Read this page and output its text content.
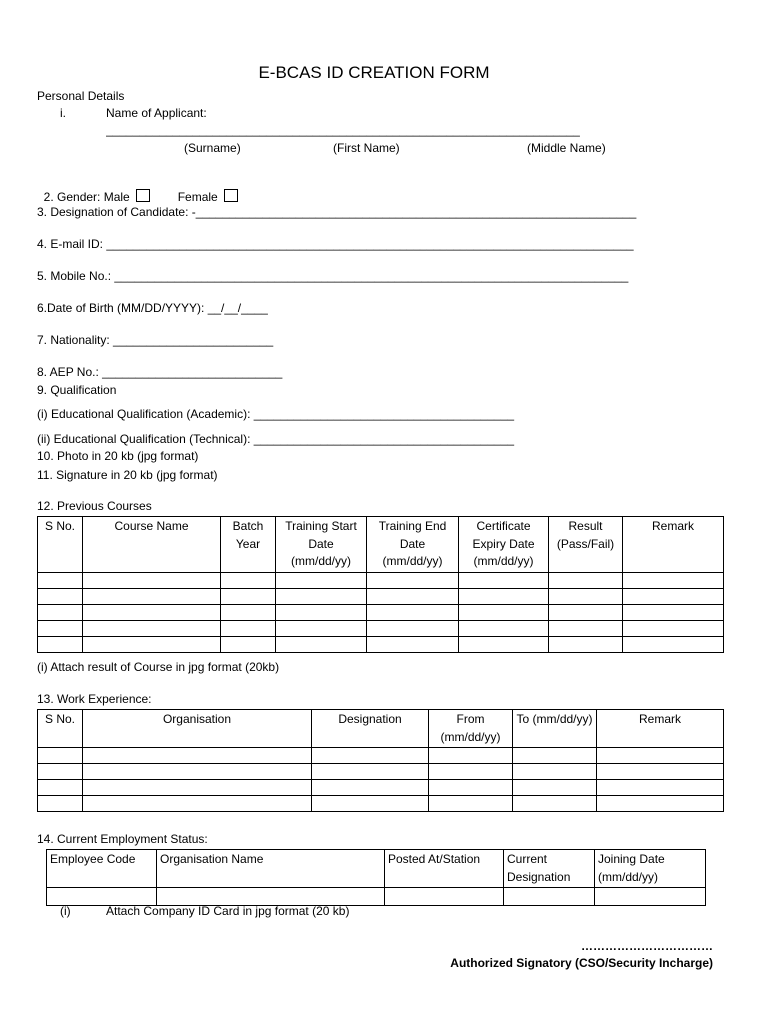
E-BCAS ID CREATION FORM
Personal Details
i.	Name of Applicant:
_______________________________________________________________________
(Surname)	(First Name)	(Middle Name)

2. Gender: Male	Female

3. Designation of Candidate: -__________________________________________________________________
4. E-mail ID: _______________________________________________________________________________
5. Mobile No.: _____________________________________________________________________________
6.Date of Birth (MM/DD/YYYY): __/__/____
7. Nationality: ________________________
8. AEP No.: ___________________________
9. Qualification
(i) Educational Qualification (Academic): _______________________________________
(ii) Educational Qualification (Technical): _______________________________________
10. Photo in 20 kb (jpg format)
11. Signature in 20 kb (jpg format)
12. Previous Courses
S No.	Course Name	Batch Year	Training Start Date (mm/dd/yy)	Training End Date (mm/dd/yy)	Certificate Expiry Date (mm/dd/yy)	Result (Pass/Fail)	Remark

(i) Attach result of Course in jpg format (20kb)
13. Work Experience:
S No.	Organisation	Designation	From (mm/dd/yy)	To (mm/dd/yy)	Remark

14. Current Employment Status:
Employee Code	Organisation Name	Posted At/Station	Current Designation	Joining Date (mm/dd/yy)

(i)	Attach Company ID Card in jpg format (20 kb)
……………………………
Authorized Signatory (CSO/Security Incharge)
